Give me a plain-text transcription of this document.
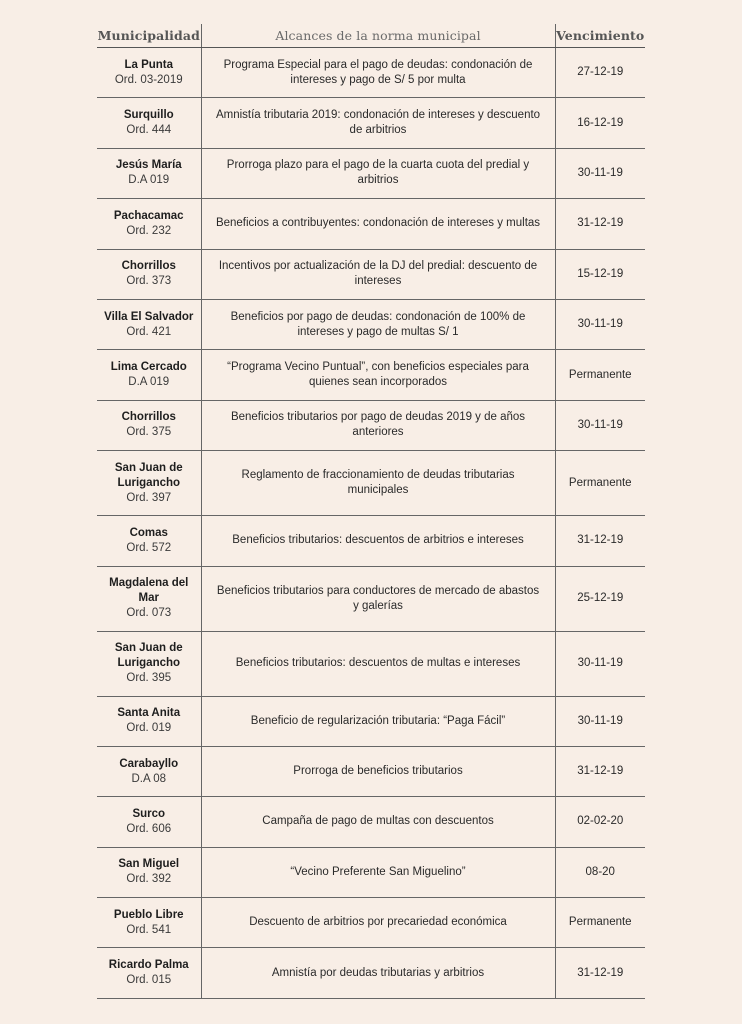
Municipalidad	Alcances de la norma municipal	Vencimiento

La Punta
Ord. 03-2019	Programa Especial para el pago de deudas: condonación de intereses y pago de S/ 5 por multa	27-12-19

Surquillo
Ord. 444	Amnistía tributaria 2019: condonación de intereses y descuento de arbitrios	16-12-19

Jesús María
D.A 019	Prorroga plazo para el pago de la cuarta cuota del predial y arbitrios	30-11-19

Pachacamac
Ord. 232	Beneficios a contribuyentes: condonación de intereses y multas	31-12-19

Chorrillos
Ord. 373	Incentivos por actualización de la DJ del predial: descuento de intereses	15-12-19

Villa El Salvador
Ord. 421	Beneficios por pago de deudas: condonación de 100% de intereses y pago de multas S/ 1	30-11-19

Lima Cercado
D.A 019	“Programa Vecino Puntual”, con beneficios especiales para quienes sean incorporados	Permanente

Chorrillos
Ord. 375	Beneficios tributarios por pago de deudas 2019 y de años anteriores	30-11-19

San Juan de Lurigancho
Ord. 397	Reglamento de fraccionamiento de deudas tributarias municipales	Permanente

Comas
Ord. 572	Beneficios tributarios: descuentos de arbitrios e intereses	31-12-19

Magdalena del Mar
Ord. 073	Beneficios tributarios para conductores de mercado de abastos y galerías	25-12-19

San Juan de Lurigancho
Ord. 395	Beneficios tributarios: descuentos de multas e intereses	30-11-19

Santa Anita
Ord. 019	Beneficio de regularización tributaria: “Paga Fácil”	30-11-19

Carabayllo
D.A 08	Prorroga de beneficios tributarios	31-12-19

Surco
Ord. 606	Campaña de pago de multas con descuentos	02-02-20

San Miguel
Ord. 392	“Vecino Preferente San Miguelino”	08-20

Pueblo Libre
Ord. 541	Descuento de arbitrios por precariedad económica	Permanente

Ricardo Palma
Ord. 015	Amnistía por deudas tributarias y arbitrios	31-12-19
